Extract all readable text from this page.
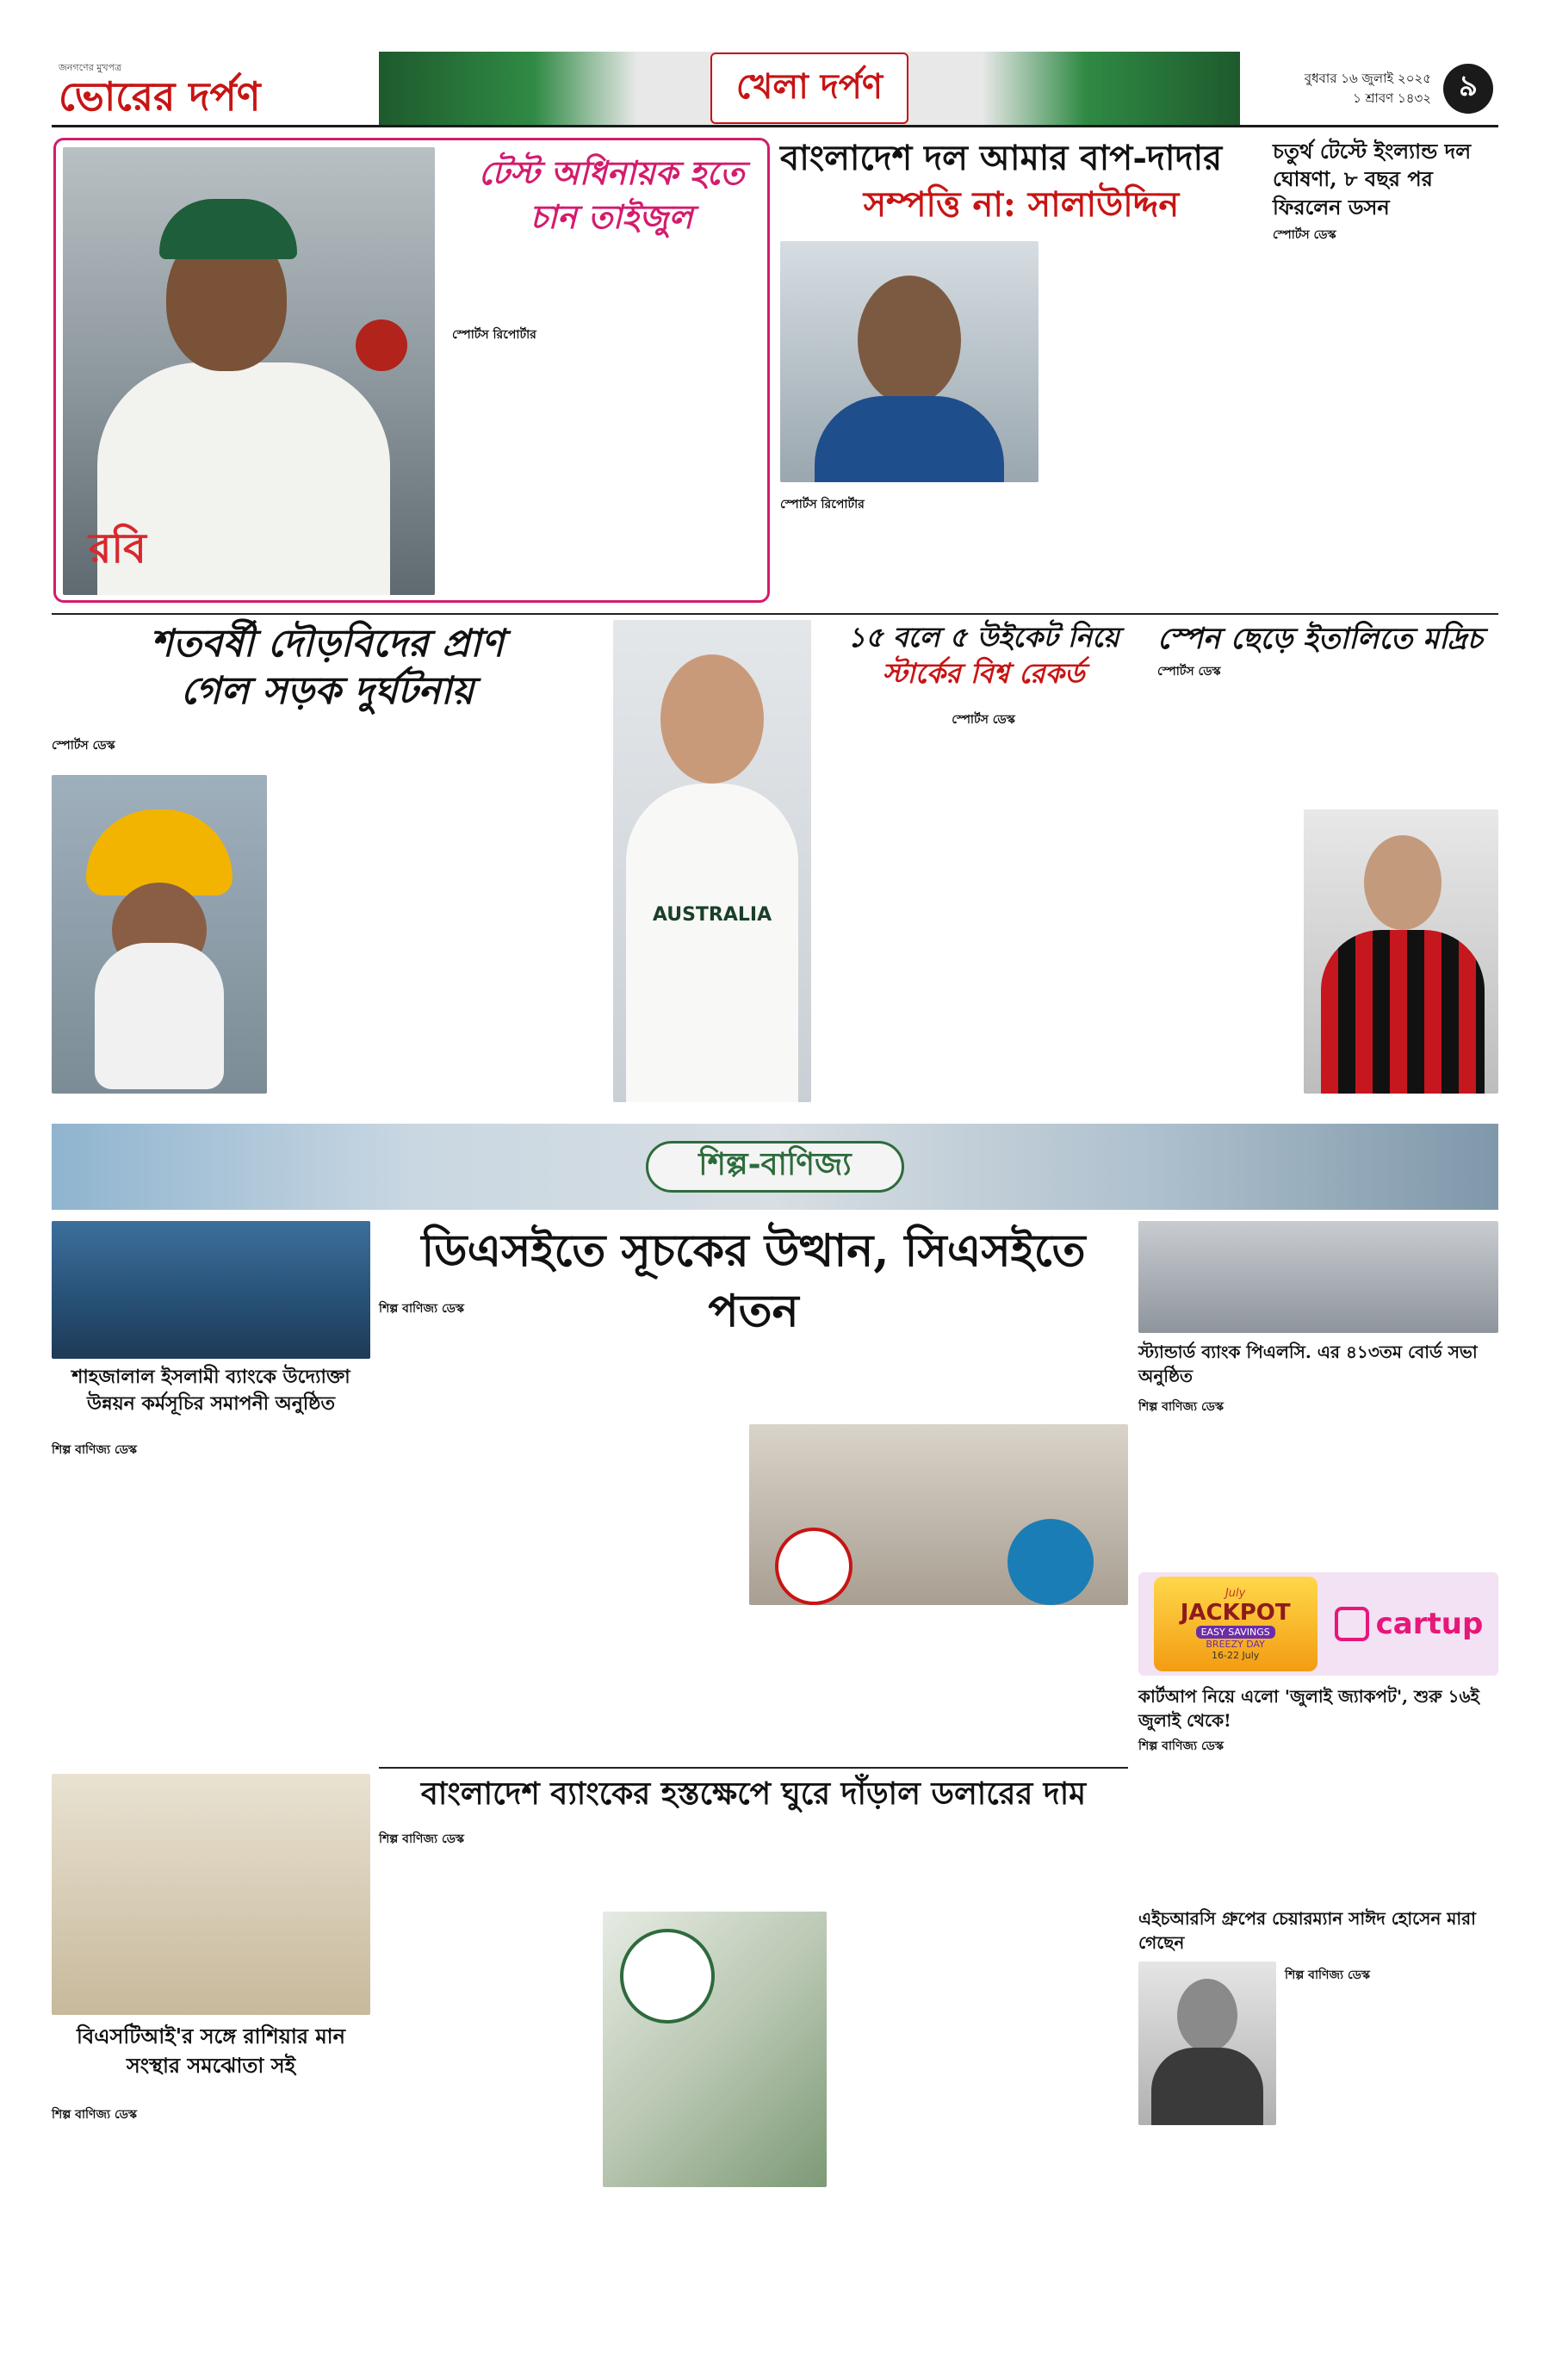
জনগণের মুখপত্র
ভোরের দর্পণ	খেলা দর্পণ	বুধবার ১৬ জুলাই ২০২৫
১ শ্রাবণ ১৪৩২ ৯
রবি
টেস্ট অধিনায়ক হতে চান তাইজুল
স্পোর্টস রিপোর্টার
বাংলাদেশ দল আমার বাপ-দাদার
সম্পত্তি না: সালাউদ্দিন
স্পোর্টস রিপোর্টার
চতুর্থ টেস্টে ইংল্যান্ড দল ঘোষণা, ৮ বছর পর ফিরলেন ডসন
স্পোর্টস ডেস্ক
শতবর্ষী দৌড়বিদের প্রাণ
গেল সড়ক দুর্ঘটনায়
স্পোর্টস ডেস্ক
AUSTRALIA
১৫ বলে ৫ উইকেট নিয়ে
স্টার্কের বিশ্ব রেকর্ড
স্পোর্টস ডেস্ক
স্পেন ছেড়ে ইতালিতে মদ্রিচ
স্পোর্টস ডেস্ক
শিল্প-বাণিজ্য
ডিএসইতে সূচকের উত্থান, সিএসইতে পতন
শাহজালাল ইসলামী ব্যাংকে উদ্যোক্তা
উন্নয়ন কর্মসূচির সমাপনী অনুষ্ঠিত
শিল্প বাণিজ্য ডেস্ক
শিল্প বাণিজ্য ডেস্ক
স্ট্যান্ডার্ড ব্যাংক পিএলসি. এর ৪১৩তম বোর্ড সভা অনুষ্ঠিত
শিল্প বাণিজ্য ডেস্ক
July
JACKPOT
EASY SAVINGS
BREEZY DAY
16-22 July
cartup
কার্টআপ নিয়ে এলো 'জুলাই জ্যাকপট', শুরু ১৬ই জুলাই থেকে!
শিল্প বাণিজ্য ডেস্ক
বাংলাদেশ ব্যাংকের হস্তক্ষেপে ঘুরে দাঁড়াল ডলারের দাম
শিল্প বাণিজ্য ডেস্ক
বিএসটিআই'র সঙ্গে রাশিয়ার মান
সংস্থার সমঝোতা সই
শিল্প বাণিজ্য ডেস্ক
এইচআরসি গ্রুপের চেয়ারম্যান সাঈদ হোসেন মারা গেছেন
শিল্প বাণিজ্য ডেস্ক
